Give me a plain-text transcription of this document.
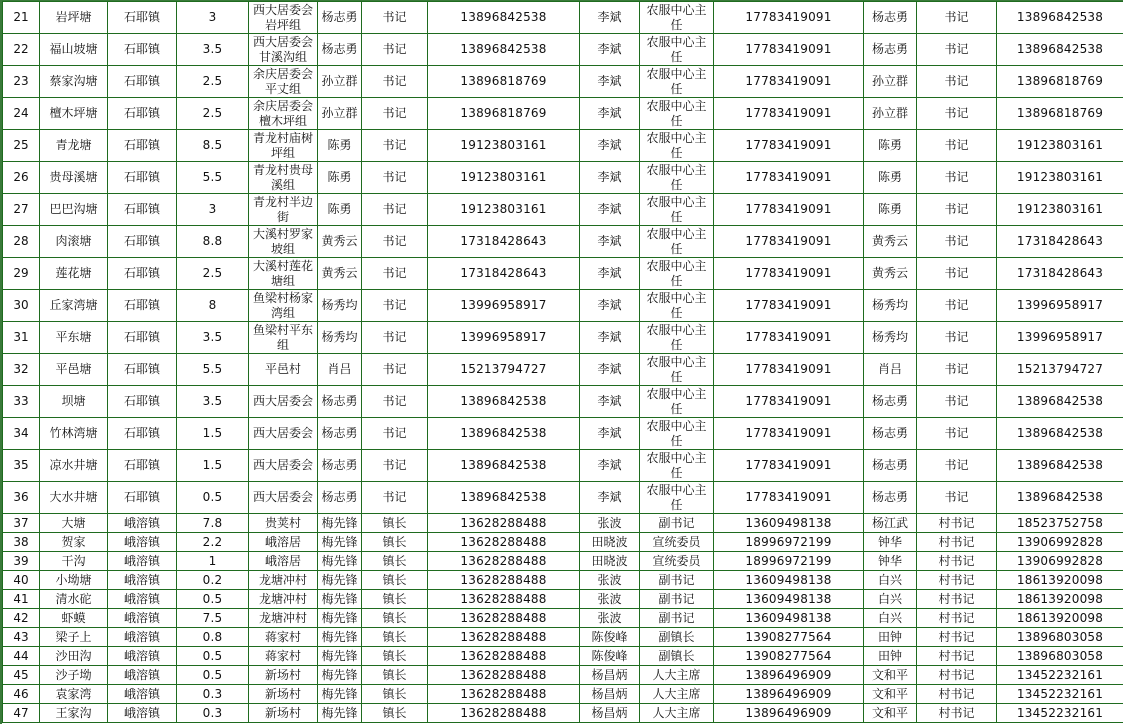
21	岩坪塘	石耶镇	3	西大居委会岩坪组	杨志勇	书记	13896842538	李斌	农服中心主任	17783419091	杨志勇	书记	13896842538
22	福山坡塘	石耶镇	3.5	西大居委会甘溪沟组	杨志勇	书记	13896842538	李斌	农服中心主任	17783419091	杨志勇	书记	13896842538
23	蔡家沟塘	石耶镇	2.5	余庆居委会平丈组	孙立群	书记	13896818769	李斌	农服中心主任	17783419091	孙立群	书记	13896818769
24	檀木坪塘	石耶镇	2.5	余庆居委会檀木坪组	孙立群	书记	13896818769	李斌	农服中心主任	17783419091	孙立群	书记	13896818769
25	青龙塘	石耶镇	8.5	青龙村庙树坪组	陈勇	书记	19123803161	李斌	农服中心主任	17783419091	陈勇	书记	19123803161
26	贵母溪塘	石耶镇	5.5	青龙村贵母溪组	陈勇	书记	19123803161	李斌	农服中心主任	17783419091	陈勇	书记	19123803161
27	巴巴沟塘	石耶镇	3	青龙村半边街	陈勇	书记	19123803161	李斌	农服中心主任	17783419091	陈勇	书记	19123803161
28	肉滚塘	石耶镇	8.8	大溪村罗家坡组	黄秀云	书记	17318428643	李斌	农服中心主任	17783419091	黄秀云	书记	17318428643
29	莲花塘	石耶镇	2.5	大溪村莲花塘组	黄秀云	书记	17318428643	李斌	农服中心主任	17783419091	黄秀云	书记	17318428643
30	丘家湾塘	石耶镇	8	鱼梁村杨家湾组	杨秀均	书记	13996958917	李斌	农服中心主任	17783419091	杨秀均	书记	13996958917
31	平东塘	石耶镇	3.5	鱼梁村平东组	杨秀均	书记	13996958917	李斌	农服中心主任	17783419091	杨秀均	书记	13996958917
32	平邑塘	石耶镇	5.5	平邑村	肖吕	书记	15213794727	李斌	农服中心主任	17783419091	肖吕	书记	15213794727
33	坝塘	石耶镇	3.5	西大居委会	杨志勇	书记	13896842538	李斌	农服中心主任	17783419091	杨志勇	书记	13896842538
34	竹林湾塘	石耶镇	1.5	西大居委会	杨志勇	书记	13896842538	李斌	农服中心主任	17783419091	杨志勇	书记	13896842538
35	凉水井塘	石耶镇	1.5	西大居委会	杨志勇	书记	13896842538	李斌	农服中心主任	17783419091	杨志勇	书记	13896842538
36	大水井塘	石耶镇	0.5	西大居委会	杨志勇	书记	13896842538	李斌	农服中心主任	17783419091	杨志勇	书记	13896842538
37	大塘	峨溶镇	7.8	贵荚村	梅先锋	镇长	13628288488	张波	副书记	13609498138	杨江武	村书记	18523752758
38	贺家	峨溶镇	2.2	峨溶居	梅先锋	镇长	13628288488	田晓波	宣统委员	18996972199	钟华	村书记	13906992828
39	干沟	峨溶镇	1	峨溶居	梅先锋	镇长	13628288488	田晓波	宣统委员	18996972199	钟华	村书记	13906992828
40	小坳塘	峨溶镇	0.2	龙塘冲村	梅先锋	镇长	13628288488	张波	副书记	13609498138	白兴	村书记	18613920098
41	清水砣	峨溶镇	0.5	龙塘冲村	梅先锋	镇长	13628288488	张波	副书记	13609498138	白兴	村书记	18613920098
42	虾蟆	峨溶镇	7.5	龙塘冲村	梅先锋	镇长	13628288488	张波	副书记	13609498138	白兴	村书记	18613920098
43	梁子上	峨溶镇	0.8	蒋家村	梅先锋	镇长	13628288488	陈俊峰	副镇长	13908277564	田钟	村书记	13896803058
44	沙田沟	峨溶镇	0.5	蒋家村	梅先锋	镇长	13628288488	陈俊峰	副镇长	13908277564	田钟	村书记	13896803058
45	沙子坳	峨溶镇	0.5	新场村	梅先锋	镇长	13628288488	杨昌炳	人大主席	13896496909	文和平	村书记	13452232161
46	袁家湾	峨溶镇	0.3	新场村	梅先锋	镇长	13628288488	杨昌炳	人大主席	13896496909	文和平	村书记	13452232161
47	王家沟	峨溶镇	0.3	新场村	梅先锋	镇长	13628288488	杨昌炳	人大主席	13896496909	文和平	村书记	13452232161
